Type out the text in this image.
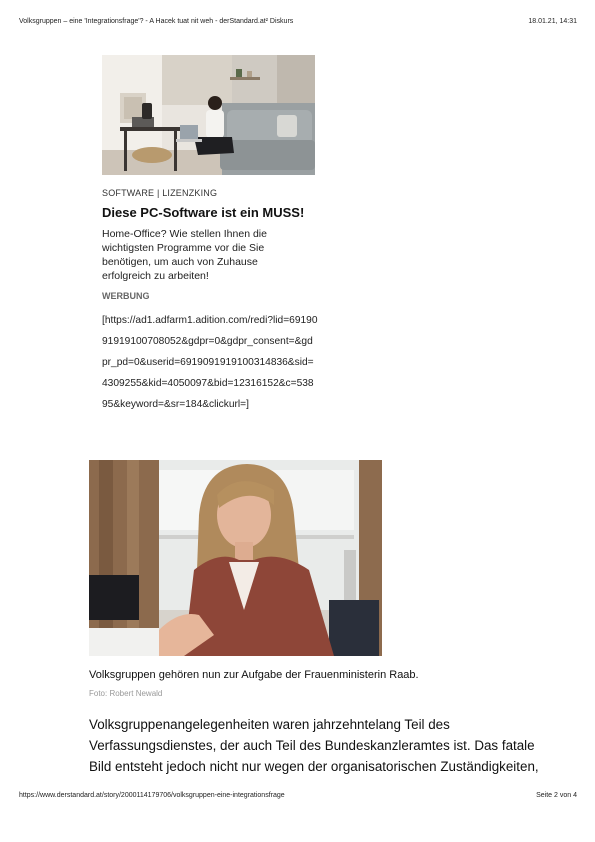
Volksgruppen – eine 'Integrationsfrage'? - A Hacek tuat nit weh - derStandard.at² Diskurs	18.01.21, 14:31
SOFTWARE | LIZENZKING
Diese PC-Software ist ein MUSS!
Home-Office? Wie stellen Ihnen die wichtigsten Programme vor die Sie benötigen, um auch von Zuhause erfolgreich zu arbeiten!
WERBUNG
[https://ad1.adfarm1.adition.com/redi?lid=6919091919100708052&gdpr=0&gdpr_consent=&gdpr_pd=0&userid=6919091919100314836&sid=4309255&kid=4050097&bid=12316152&c=53895&keyword=&sr=184&clickurl=]
Volksgruppen gehören nun zur Aufgabe der Frauenministerin Raab.
Foto: Robert Newald
Volksgruppenangelegenheiten waren jahrzehntelang Teil des Verfassungsdienstes, der auch Teil des Bundeskanzleramtes ist. Das fatale Bild entsteht jedoch nicht nur wegen der organisatorischen Zuständigkeiten,
https://www.derstandard.at/story/2000114179706/volksgruppen-eine-integrationsfrage	Seite 2 von 4
